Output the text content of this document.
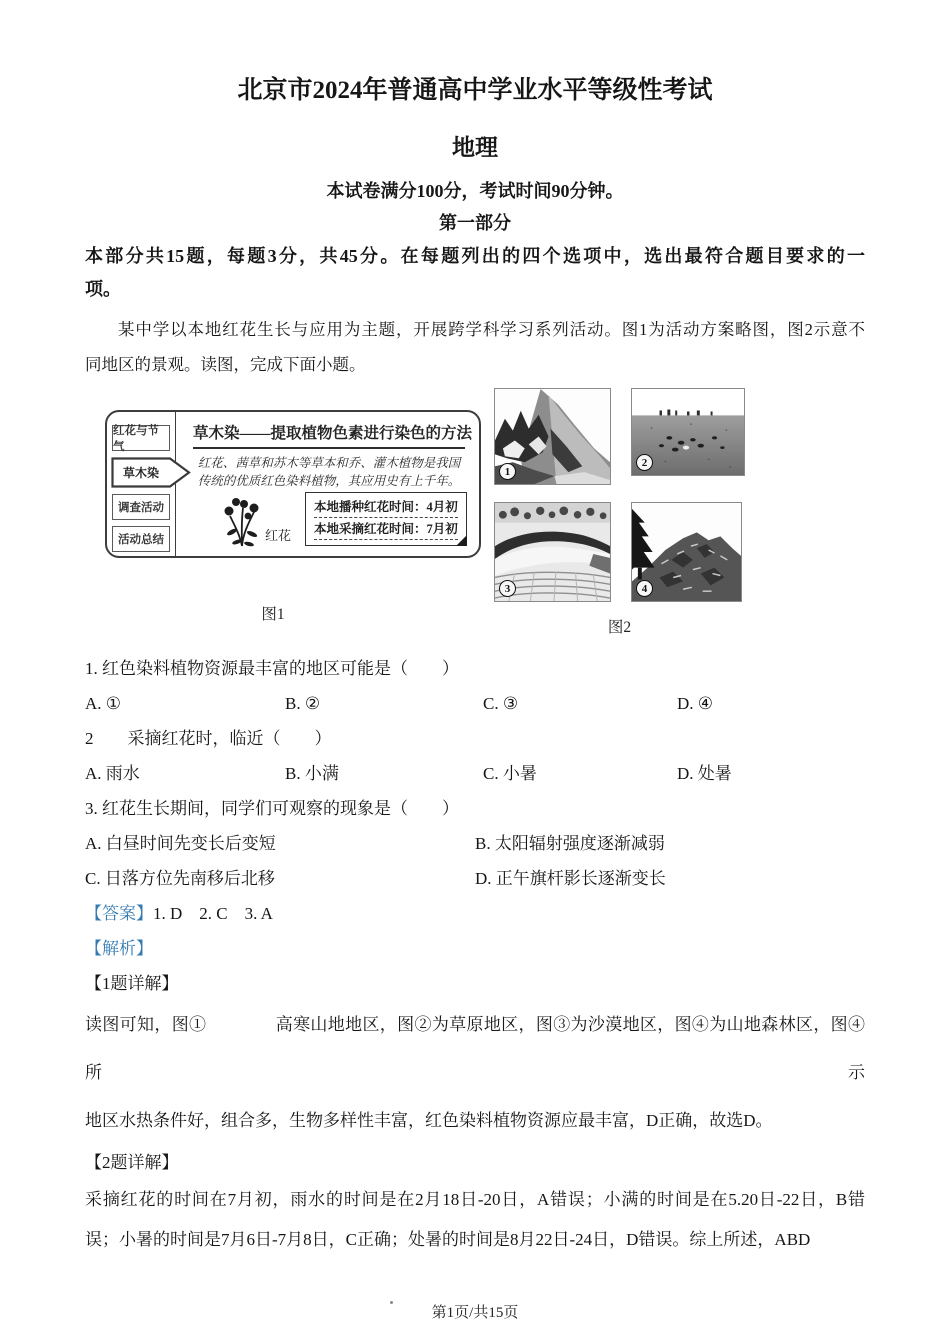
北京市2024年普通高中学业水平等级性考试
地理
本试卷满分100分，考试时间90分钟。
第一部分
本部分共15题，每题3分，共45分。在每题列出的四个选项中，选出最符合题目要求的一
项。
某中学以本地红花生长与应用为主题，开展跨学科学习系列活动。图1为活动方案略图，图2示意不
同地区的景观。读图，完成下面小题。
红花与节气
草木染
调查活动
活动总结
草木染——提取植物色素进行染色的方法
红花、茜草和苏木等草本和乔、灌木植物是我国
传统的优质红色染料植物，其应用史有上千年。
红花
本地播种红花时间：4月初
本地采摘红花时间：7月初
图1
1
2
3	4
图2
1. 红色染料植物资源最丰富的地区可能是（　　）
A. ①	B. ②	C. ③	D. ④
2　　采摘红花时，临近（　　）
A. 雨水	B. 小满	C. 小暑	D. 处暑
3. 红花生长期间，同学们可观察的现象是（　　）
A. 白昼时间先变长后变短	B. 太阳辐射强度逐渐减弱
C. 日落方位先南移后北移	D. 正午旗杆影长逐渐变长
【答案】1. D　2. C　3. A
【解析】
【1题详解】
读图可知，图①　　　　高寒山地地区，图②为草原地区，图③为沙漠地区，图④为山地森林区，图④所示
地区水热条件好，组合多，生物多样性丰富，红色染料植物资源应最丰富，D正确，故选D。
【2题详解】
采摘红花的时间在7月初，雨水的时间是在2月18日-20日，A错误；小满的时间是在5.20日-22日，B错
误；小暑的时间是7月6日-7月8日，C正确；处暑的时间是8月22日-24日，D错误。综上所述，ABD
第1页/共15页
